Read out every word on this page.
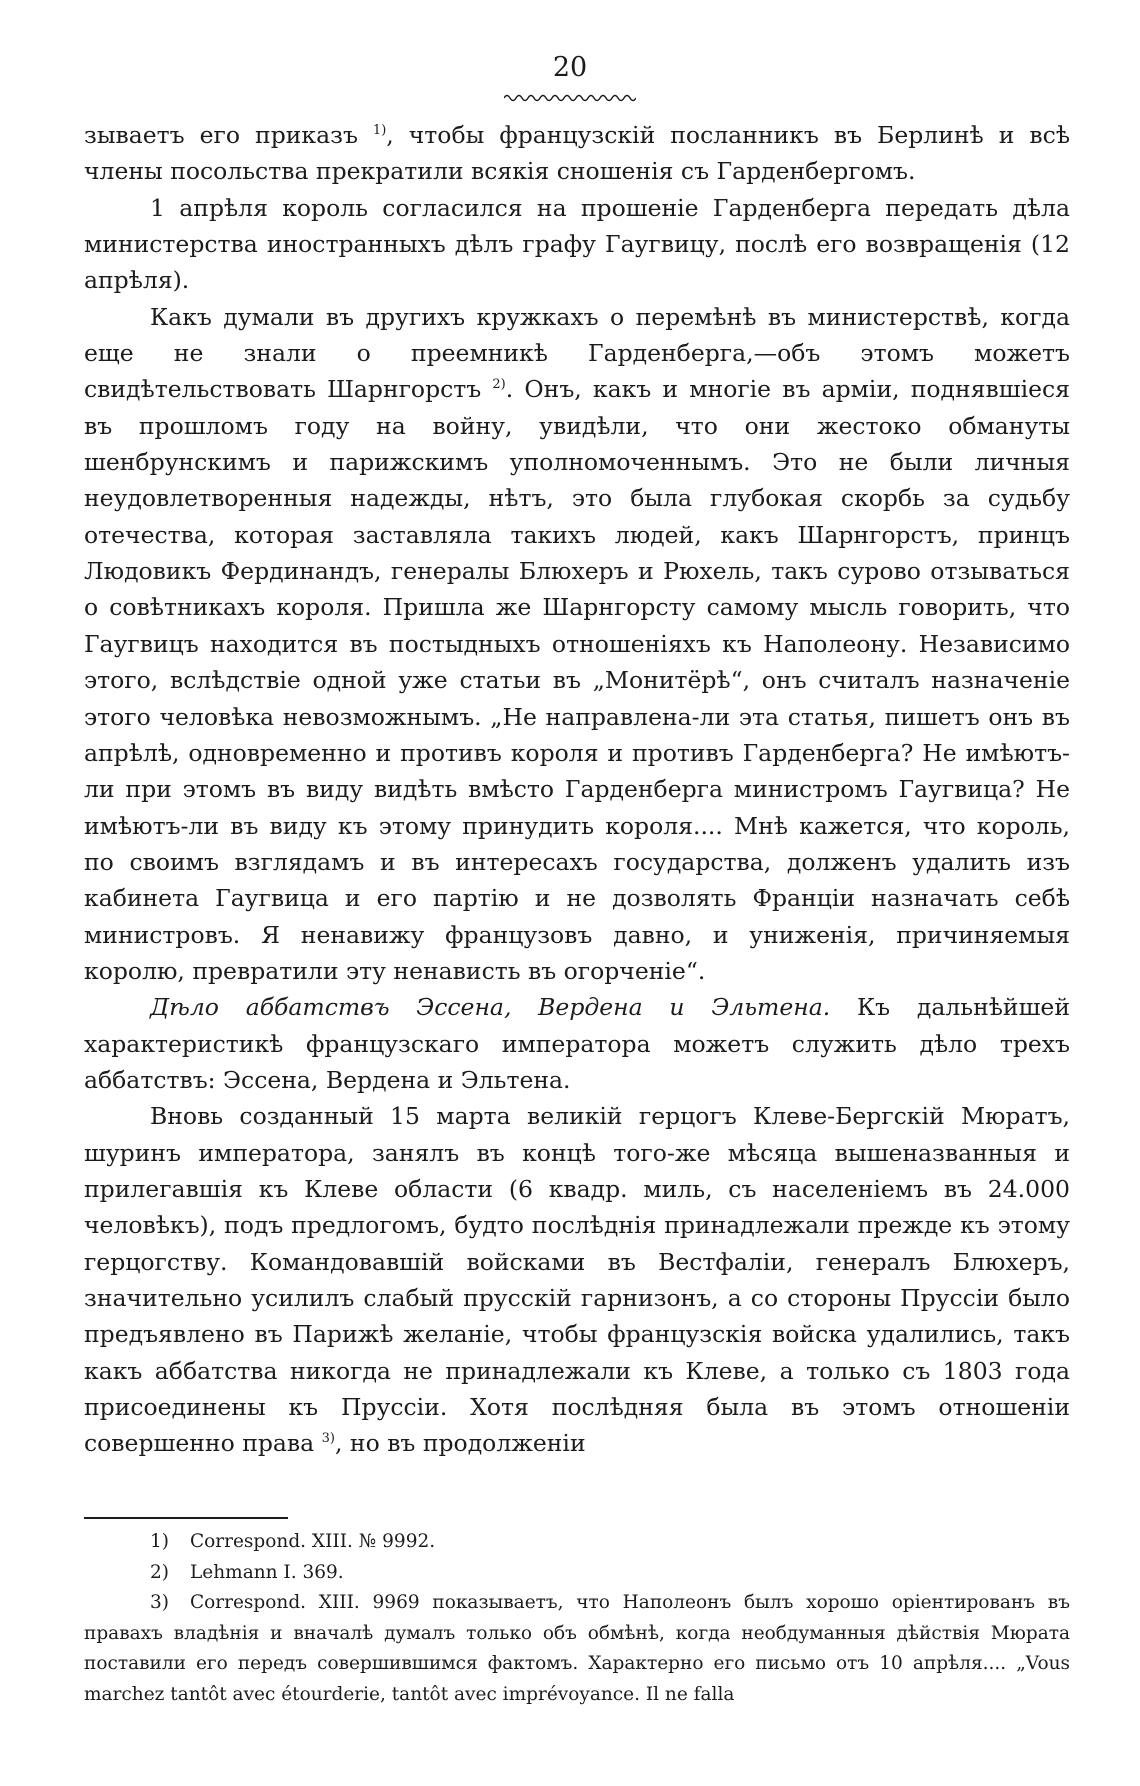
20

зываетъ его приказъ $^{1)}$, чтобы французскiй посланникъ въ Берлинѣ и всѣ члены посольства прекратили всякiя сношенiя съ Гарденбергомъ.

1 апрѣля король согласился на прошенiе Гарденберга передать дѣла министерства иностранныхъ дѣлъ графу Гаугвицу, послѣ его возвращенiя (12 апрѣля).

Какъ думали въ другихъ кружкахъ о перемѣнѣ въ министерствѣ, когда еще не знали о преемникѣ Гарденберга,—объ этомъ можетъ свидѣтельствовать Шарнгорстъ $^{2)}$. Онъ, какъ и многiе въ армiи, поднявшiеся въ прошломъ году на войну, увидѣли, что они жестоко обмануты шенбрунскимъ и парижскимъ уполномоченнымъ. Это не были личныя неудовлетворенныя надежды, нѣтъ, это была глубокая скорбь за судьбу отечества, которая заставляла такихъ людей, какъ Шарнгорстъ, принцъ Людовикъ Фердинандъ, генералы Блюхеръ и Рюхель, такъ сурово отзываться о совѣтникахъ короля. Пришла же Шарнгорсту самому мысль говорить, что Гаугвицъ находится въ постыдныхъ отношенiяхъ къ Наполеону. Независимо этого, вслѣдствiе одной уже статьи въ „Монитёрѣ“, онъ считалъ назначенiе этого человѣка невозможнымъ. „Не направлена-ли эта статья, пишетъ онъ въ апрѣлѣ, одновременно и противъ короля и противъ Гарденберга? Не имѣютъ-ли при этомъ въ виду видѣть вмѣсто Гарденберга министромъ Гаугвица? Не имѣютъ-ли въ виду къ этому принудить короля.... Мнѣ кажется, что король, по своимъ взглядамъ и въ интересахъ государства, долженъ удалить изъ кабинета Гаугвица и его партiю и не дозволять Францiи назначать себѣ министровъ. Я ненавижу французовъ давно, и униженiя, причиняемыя королю, превратили эту ненависть въ огорченiе“.

Дѣло аббатствъ Эссена, Вердена и Эльтена. Къ дальнѣйшей характеристикѣ французскаго императора можетъ служить дѣло трехъ аббатствъ: Эссена, Вердена и Эльтена.

Вновь созданный 15 марта великiй герцогъ Клеве-Бергскiй Мюратъ, шуринъ императора, занялъ въ концѣ того-же мѣсяца вышеназванныя и прилегавшiя къ Клеве области (6 квадр. миль, съ населенiемъ въ 24.000 человѣкъ), подъ предлогомъ, будто послѣднiя принадлежали прежде къ этому герцогству. Командовавшiй войсками въ Вестфалiи, генералъ Блюхеръ, значительно усилилъ слабый прусскiй гарнизонъ, а со стороны Пруссiи было предъявлено въ Парижѣ желанiе, чтобы французскiя войска удалились, такъ какъ аббатства никогда не принадлежали къ Клеве, а только съ 1803 года присоединены къ Пруссiи. Хотя послѣдняя была въ этомъ отношенiи совершенно права $^{3)}$, но въ продолженiи

1) Correspond. XIII. № 9992.
2) Lehmann I. 369.
3) Correspond. XIII. 9969 показываетъ, что Наполеонъ былъ хорошо орiентированъ въ правахъ владѣнiя и вначалѣ думалъ только объ обмѣнѣ, когда необдуманныя дѣйствiя Мюрата поставили его передъ совершившимся фактомъ. Характерно его письмо отъ 10 апрѣля.... „Vous marchez tantôt avec étourderie, tantôt avec imprévoyance. Il ne falla
